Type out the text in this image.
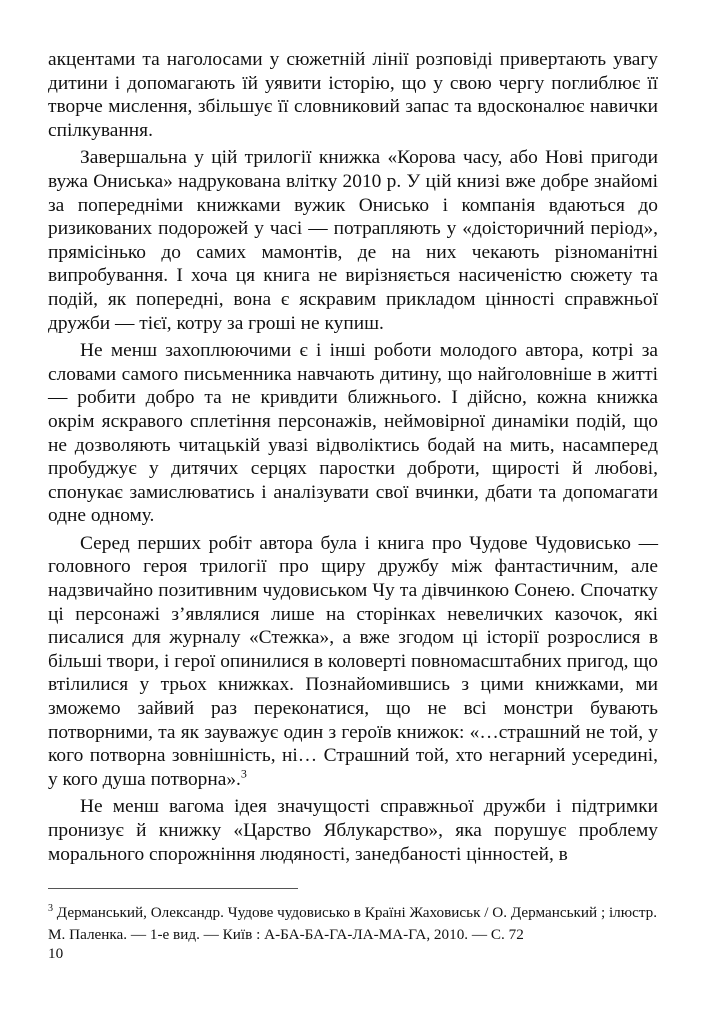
акцентами та наголосами у сюжетній лінії розповіді привертають увагу дитини і допомагають їй уявити історію, що у свою чергу поглиблює її творче мислення, збільшує її словниковий запас та вдосконалює навички спілкування.

Завершальна у цій трилогії книжка «Корова часу, або Нові пригоди вужа Ониська» надрукована влітку 2010 р. У цій книзі вже добре знайомі за попередніми книжками вужик Онисько і компанія вдаються до ризикованих подорожей у часі — потрапляють у «доісторичний період», прямісінько до самих мамонтів, де на них чекають різноманітні випробування. І хоча ця книга не вирізняється насиченістю сюжету та подій, як попередні, вона є яскравим прикладом цінності справжньої дружби — тієї, котру за гроші не купиш.

Не менш захоплюючими є і інші роботи молодого автора, котрі за словами самого письменника навчають дитину, що найголовніше в житті — робити добро та не кривдити ближнього. І дійсно, кожна книжка окрім яскравого сплетіння персонажів, неймовірної динаміки подій, що не дозволяють читацькій увазі відволіктись бодай на мить, насамперед пробуджує у дитячих серцях паростки доброти, щирості й любові, спонукає замислюватись і аналізувати свої вчинки, дбати та допомагати одне одному.

Серед перших робіт автора була і книга про Чудове Чудовисько — головного героя трилогії про щиру дружбу між фантастичним, але надзвичайно позитивним чудовиськом Чу та дівчинкою Сонею. Спочатку ці персонажі з’являлися лише на сторінках невеличких казочок, які писалися для журналу «Стежка», а вже згодом ці історії розрослися в більші твори, і герої опинилися в коловерті повномасштабних пригод, що втілилися у трьох книжках. Познайомившись з цими книжками, ми зможемо зайвий раз переконатися, що не всі монстри бувають потворними, та як зауважує один з героїв книжок: «…страшний не той, у кого потворна зовнішність, ні… Страшний той, хто негарний усередині, у кого душа потворна».$^3$

Не менш вагома ідея значущості справжньої дружби і підтримки пронизує й книжку «Царство Яблукарство», яка порушує проблему морального спорожніння людяності, занедбаності цінностей, в

$^3$ Дерманський, Олександр. Чудове чудовисько в Країні Жаховиськ / О. Дерманський ; ілюстр. М. Паленка. — 1-е вид. — Київ : А-БА-БА-ГА-ЛА-МА-ГА, 2010. — С. 72
10
